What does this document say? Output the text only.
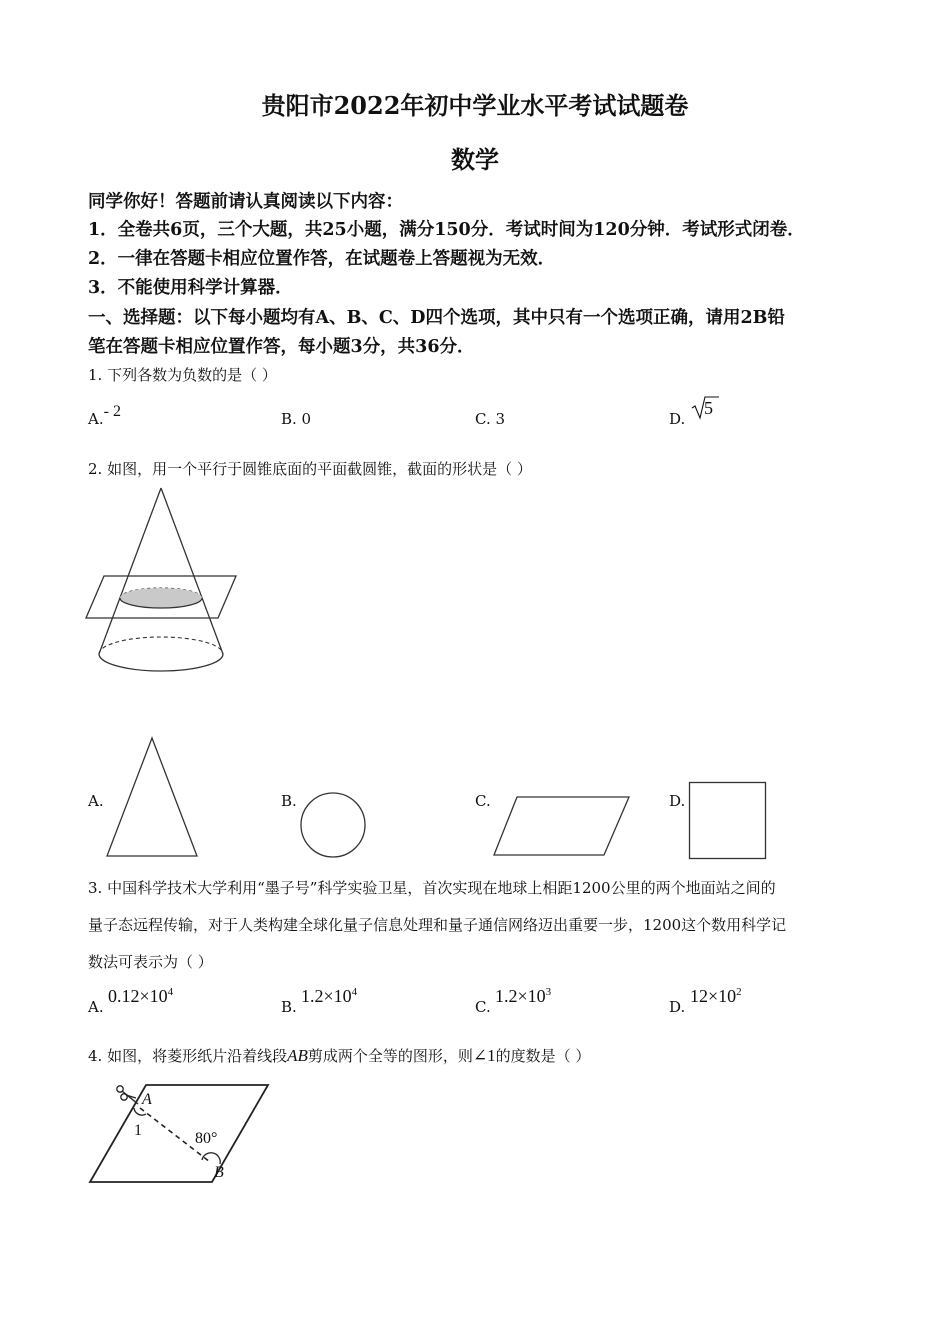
贵阳市2022年初中学业水平考试试题卷
数学
同学你好！答题前请认真阅读以下内容：
1．全卷共6页，三个大题，共25小题，满分150分．考试时间为120分钟．考试形式闭卷．
2．一律在答题卡相应位置作答，在试题卷上答题视为无效．
3．不能使用科学计算器．
一、选择题：以下每小题均有A、B、C、D四个选项，其中只有一个选项正确，请用2B铅
笔在答题卡相应位置作答，每小题3分，共36分．
1. 下列各数为负数的是（ ）
A.- 2	B. 0	C. 3	D.
5
2. 如图，用一个平行于圆锥底面的平面截圆锥，截面的形状是（ ）
A.	B.	C.	D.
3. 中国科学技术大学利用“墨子号”科学实验卫星，首次实现在地球上相距1200公里的两个地面站之间的
量子态远程传输，对于人类构建全球化量子信息处理和量子通信网络迈出重要一步，1200这个数用科学记
数法可表示为（ ）
A.
$0.12\times 10^4$
B.
$1.2\times 10^4$
C.
$1.2\times 10^3$
D.
$12\times 10^2$
4. 如图，将菱形纸片沿着线段AB剪成两个全等的图形，则∠1的度数是（ ）
A
1	80°
B
